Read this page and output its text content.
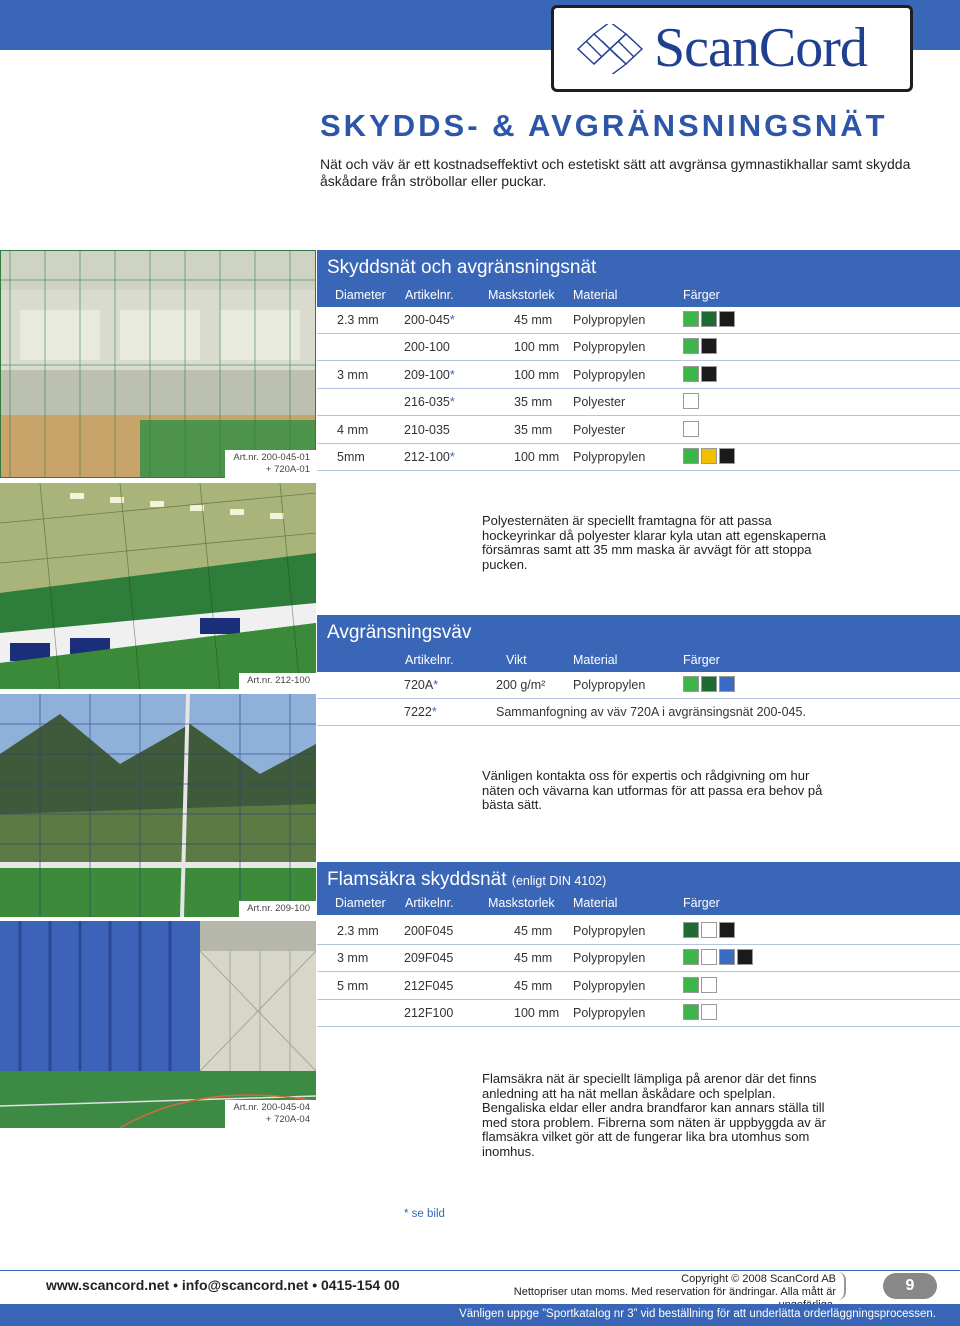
ScanCord
SKYDDS- & AVGRÄNSNINGSNÄT
Nät och väv är ett kostnadseffektivt och estetiskt sätt att avgränsa gymnastikhallar samt skydda åskådare från ströbollar eller puckar.
Art.nr. 200-045-01
+ 720A-01
Art.nr. 212-100
Art.nr. 209-100
Art.nr. 200-045-04
+ 720A-04
Skyddsnät och avgränsningsnät
Diameter Artikelnr.	Maskstorlek Material	Färger
2.3 mm 200-045*	45 mm Polypropylen
200-100	100 mm Polypropylen
3 mm	209-100*	100 mm Polypropylen
216-035*	35 mm Polyester
4 mm	210-035	35 mm Polyester
5mm	212-100*	100 mm Polypropylen
Polyesternäten är speciellt framtagna för att passa hockeyrinkar då polyester klarar kyla utan att egenskaperna försämras samt att 35 mm maska är avvägt för att stoppa pucken.
Avgränsningsväv
Artikelnr.	Vikt	Material	Färger
720A*	200 g/m² Polypropylen
7222*	Sammanfogning av väv 720A i avgränsingsnät 200-045.
Vänligen kontakta oss för expertis och rådgivning om hur näten och vävarna kan utformas för att passa era behov på bästa sätt.
Flamsäkra skyddsnät (enligt DIN 4102)
Diameter Artikelnr.	Maskstorlek Material	Färger
2.3 mm 200F045	45 mm Polypropylen
3 mm	209F045	45 mm Polypropylen
5 mm	212F045	45 mm Polypropylen
212F100	100 mm Polypropylen
Flamsäkra nät är speciellt lämpliga på arenor där det finns anledning att ha nät mellan åskådare och spelplan. Bengaliska eldar eller andra brandfaror kan annars ställa till med stora problem. Fibrerna som näten är uppbyggda av är flamsäkra vilket gör att de fungerar lika bra utomhus som inomhus.
* se bild
www.scancord.net • info@scancord.net • 0415-154 00	Copyright © 2008 ScanCord AB
Nettopriser utan moms. Med reservation för ändringar. Alla mått är	9
Vänligen uppge ”Sportkatalog nr 3” vid beställning för att underlätta orderläggningsprocessen.
